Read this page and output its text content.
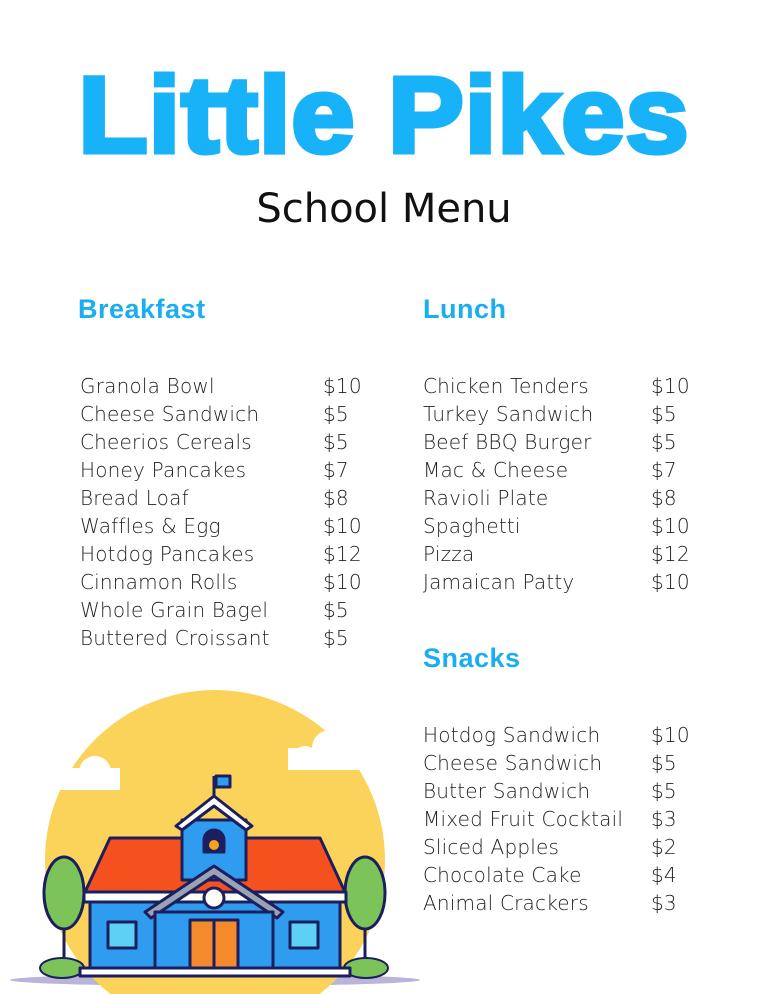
Little Pikes
School Menu
Breakfast
Granola Bowl	$10
Cheese Sandwich	$5
Cheerios Cereals	$5
Honey Pancakes	$7
Bread Loaf	$8
Waffles & Egg	$10
Hotdog Pancakes	$12
Cinnamon Rolls	$10
Whole Grain Bagel	$5
Buttered Croissant	$5
Lunch
Chicken Tenders	$10
Turkey Sandwich	$5
Beef BBQ Burger	$5
Mac & Cheese	$7
Ravioli Plate	$8
Spaghetti	$10
Pizza	$12
Jamaican Patty	$10
Snacks
Hotdog Sandwich	$10
Cheese Sandwich $5
Butter Sandwich	$5
Mixed Fruit Cocktail $3
Sliced Apples	$2
Chocolate Cake	$4
Animal Crackers	$3
